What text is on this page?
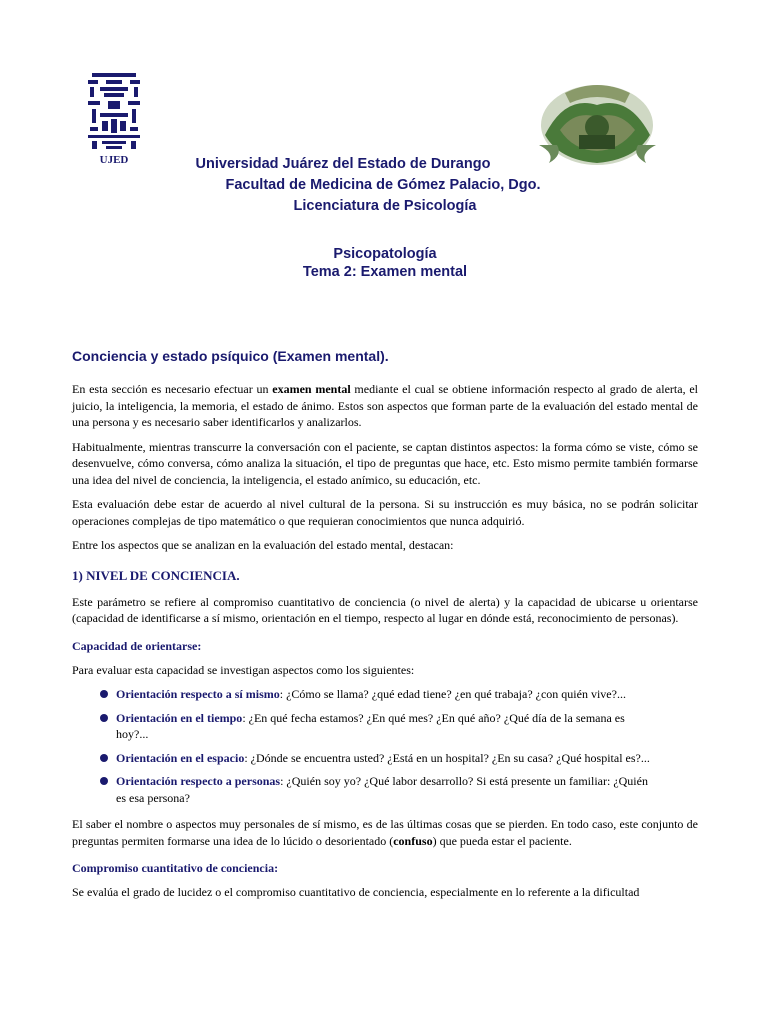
UJED	Universidad Juárez del Estado de Durango
Facultad de Medicina de Gómez Palacio, Dgo.
Licenciatura de Psicología
Psicopatología
Tema 2: Examen mental
Conciencia y estado psíquico (Examen mental).

En esta sección es necesario efectuar un examen mental mediante el cual se obtiene información respecto al grado de alerta, el juicio, la inteligencia, la memoria, el estado de ánimo. Estos son aspectos que forman parte de la evaluación del estado mental de una persona y es necesario saber identificarlos y analizarlos.

Habitualmente, mientras transcurre la conversación con el paciente, se captan distintos aspectos: la forma cómo se viste, cómo se desenvuelve, cómo conversa, cómo analiza la situación, el tipo de preguntas que hace, etc. Esto mismo permite también formarse una idea del nivel de conciencia, la inteligencia, el estado anímico, su educación, etc.

Esta evaluación debe estar de acuerdo al nivel cultural de la persona. Si su instrucción es muy básica, no se podrán solicitar operaciones complejas de tipo matemático o que requieran conocimientos que nunca adquirió.

Entre los aspectos que se analizan en la evaluación del estado mental, destacan:

1) NIVEL DE CONCIENCIA.

Este parámetro se refiere al compromiso cuantitativo de conciencia (o nivel de alerta) y la capacidad de ubicarse u orientarse (capacidad de identificarse a sí mismo, orientación en el tiempo, respecto al lugar en dónde está, reconocimiento de personas).

Capacidad de orientarse:

Para evaluar esta capacidad se investigan aspectos como los siguientes:

Orientación respecto a sí mismo: ¿Cómo se llama? ¿qué edad tiene? ¿en qué trabaja? ¿con quién vive?...
Orientación en el tiempo: ¿En qué fecha estamos? ¿En qué mes? ¿En qué año? ¿Qué día de la semana es hoy?...
Orientación en el espacio: ¿Dónde se encuentra usted? ¿Está en un hospital? ¿En su casa? ¿Qué hospital es?...
Orientación respecto a personas: ¿Quién soy yo? ¿Qué labor desarrollo? Si está presente un familiar: ¿Quién es esa persona?

El saber el nombre o aspectos muy personales de sí mismo, es de las últimas cosas que se pierden. En todo caso, este conjunto de preguntas permiten formarse una idea de lo lúcido o desorientado (confuso) que pueda estar el paciente.

Compromiso cuantitativo de conciencia:

Se evalúa el grado de lucidez o el compromiso cuantitativo de conciencia, especialmente en lo referente a la dificultad
